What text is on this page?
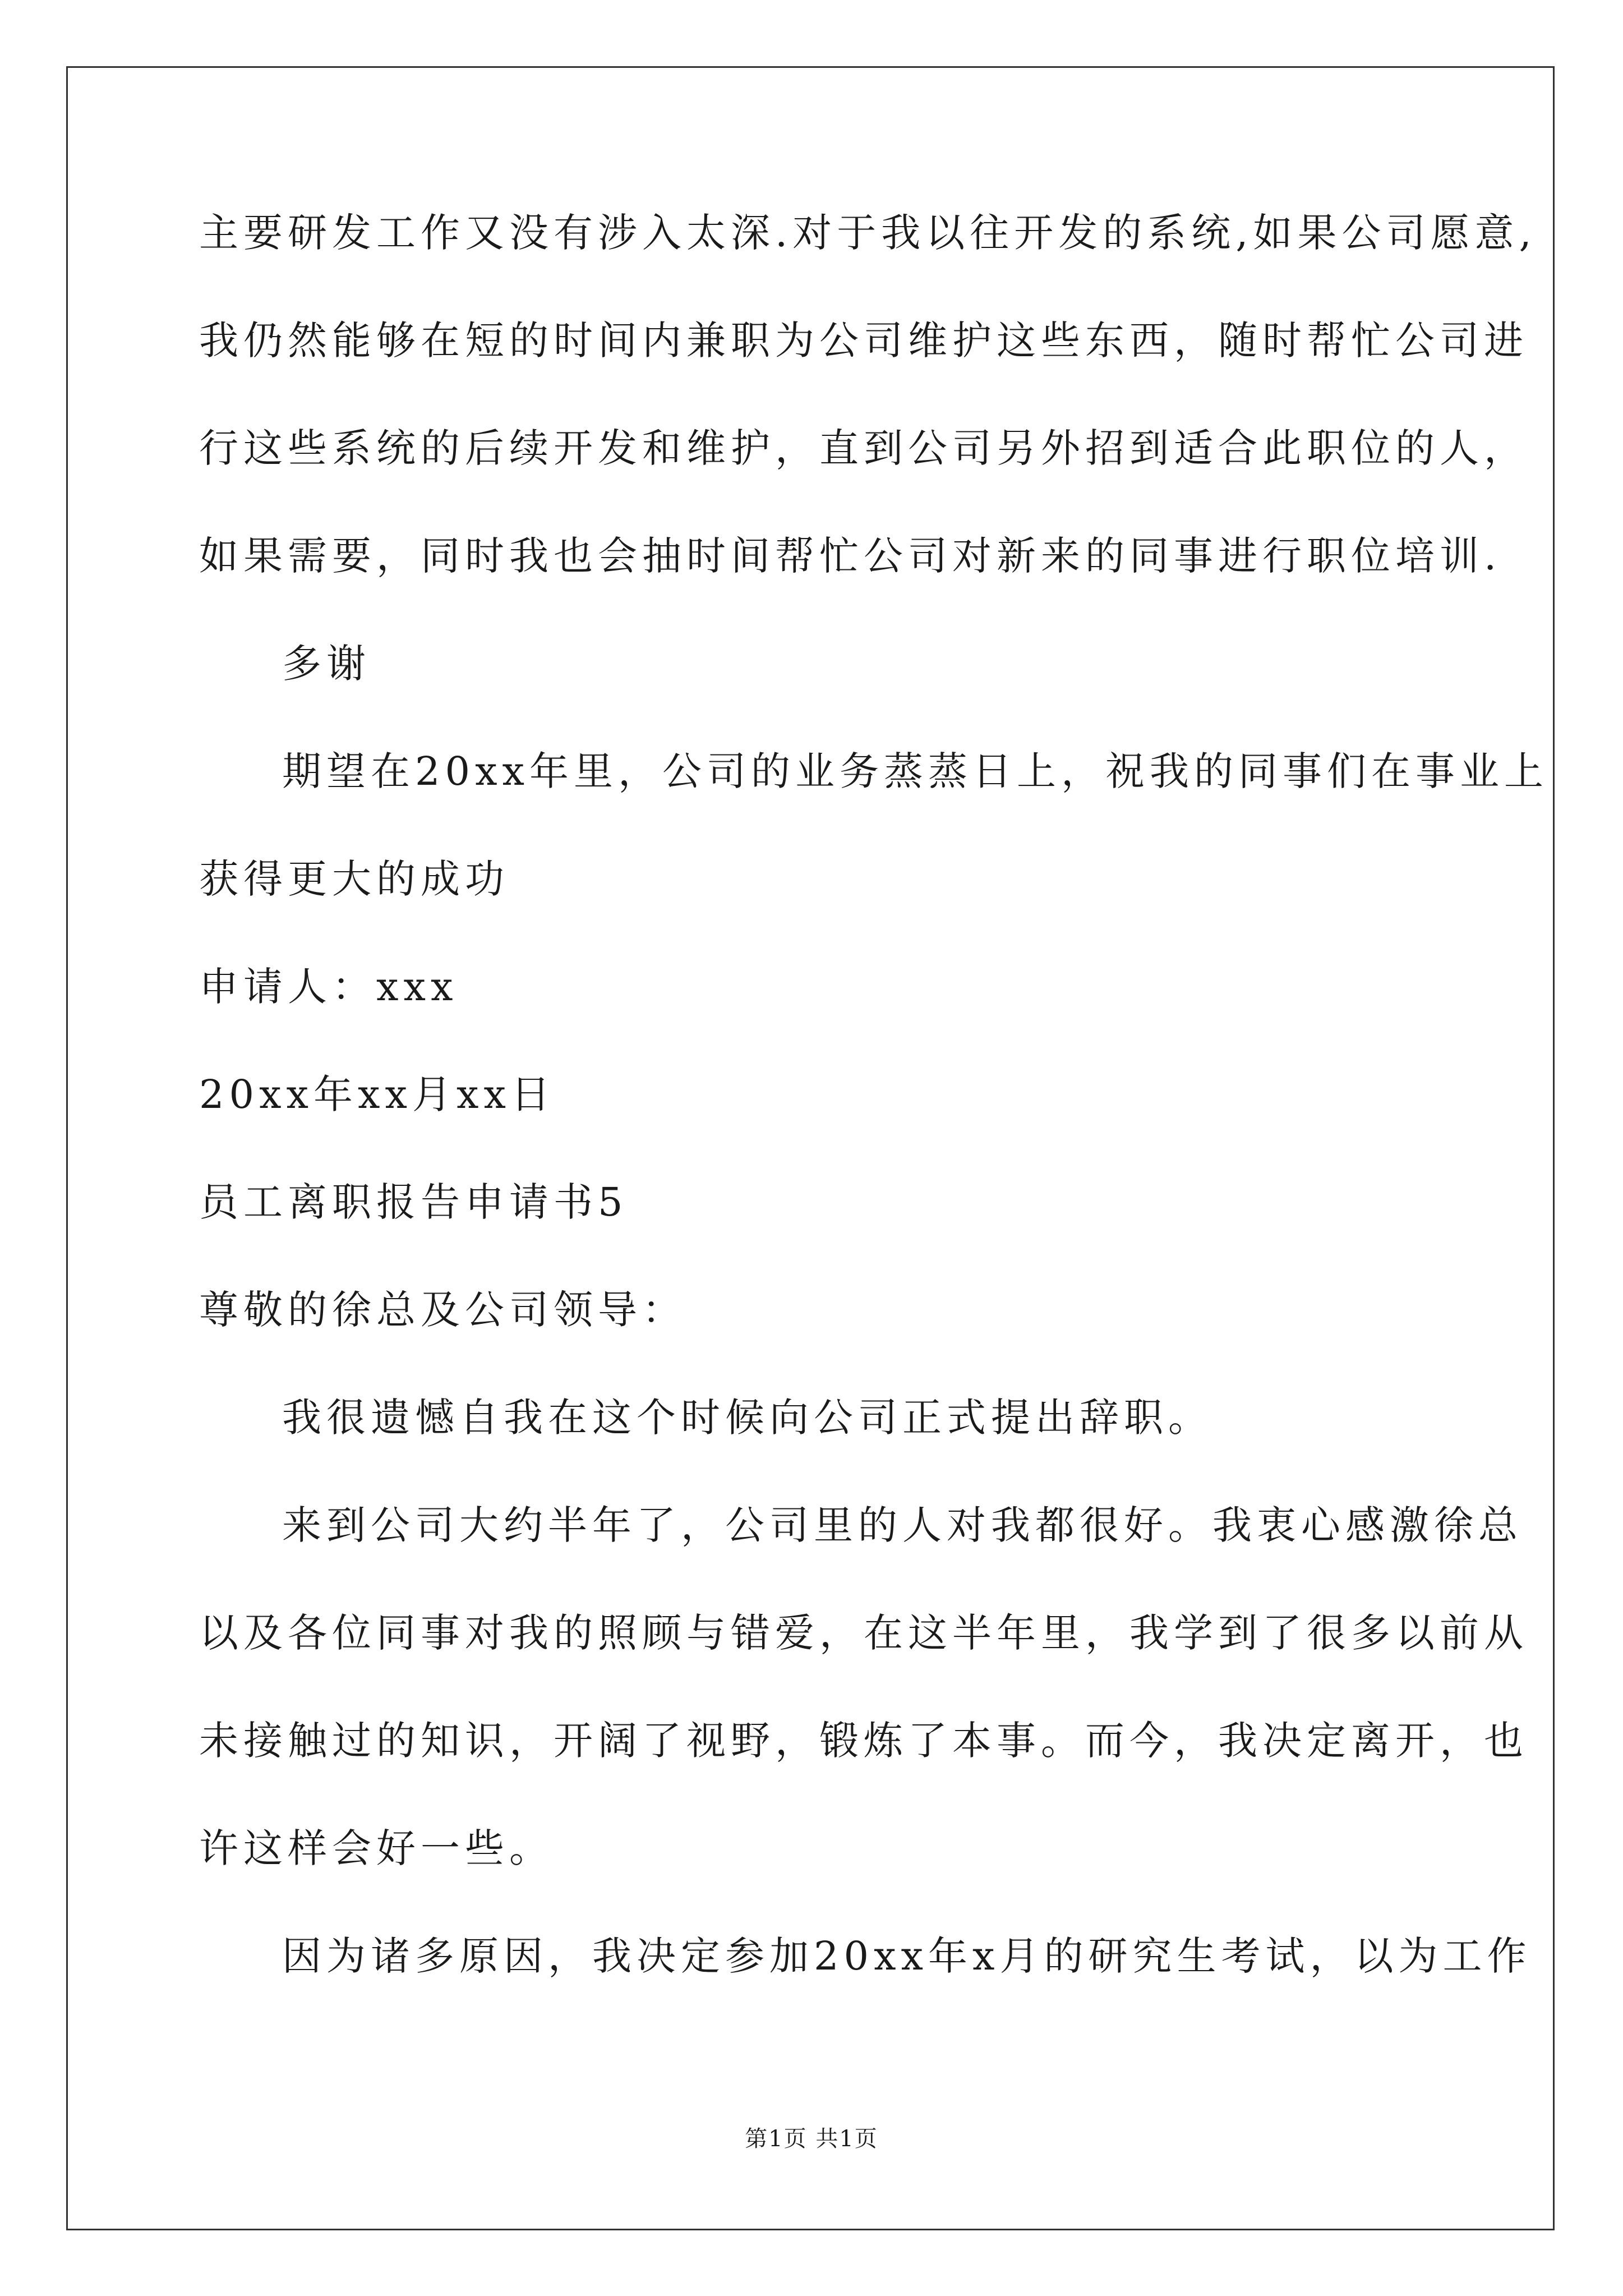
主要研发工作又没有涉入太深.对于我以往开发的系统,如果公司愿意,
我仍然能够在短的时间内兼职为公司维护这些东西，随时帮忙公司进
行这些系统的后续开发和维护，直到公司另外招到适合此职位的人，
如果需要，同时我也会抽时间帮忙公司对新来的同事进行职位培训.
多谢
期望在20xx年里，公司的业务蒸蒸日上，祝我的同事们在事业上
获得更大的成功
申请人：xxx
20xx年xx月xx日
员工离职报告申请书5
尊敬的徐总及公司领导：
我很遗憾自我在这个时候向公司正式提出辞职。
来到公司大约半年了，公司里的人对我都很好。我衷心感激徐总
以及各位同事对我的照顾与错爱，在这半年里，我学到了很多以前从
未接触过的知识，开阔了视野，锻炼了本事。而今，我决定离开，也
许这样会好一些。
因为诸多原因，我决定参加20xx年x月的研究生考试，以为工作
第1页 共1页
